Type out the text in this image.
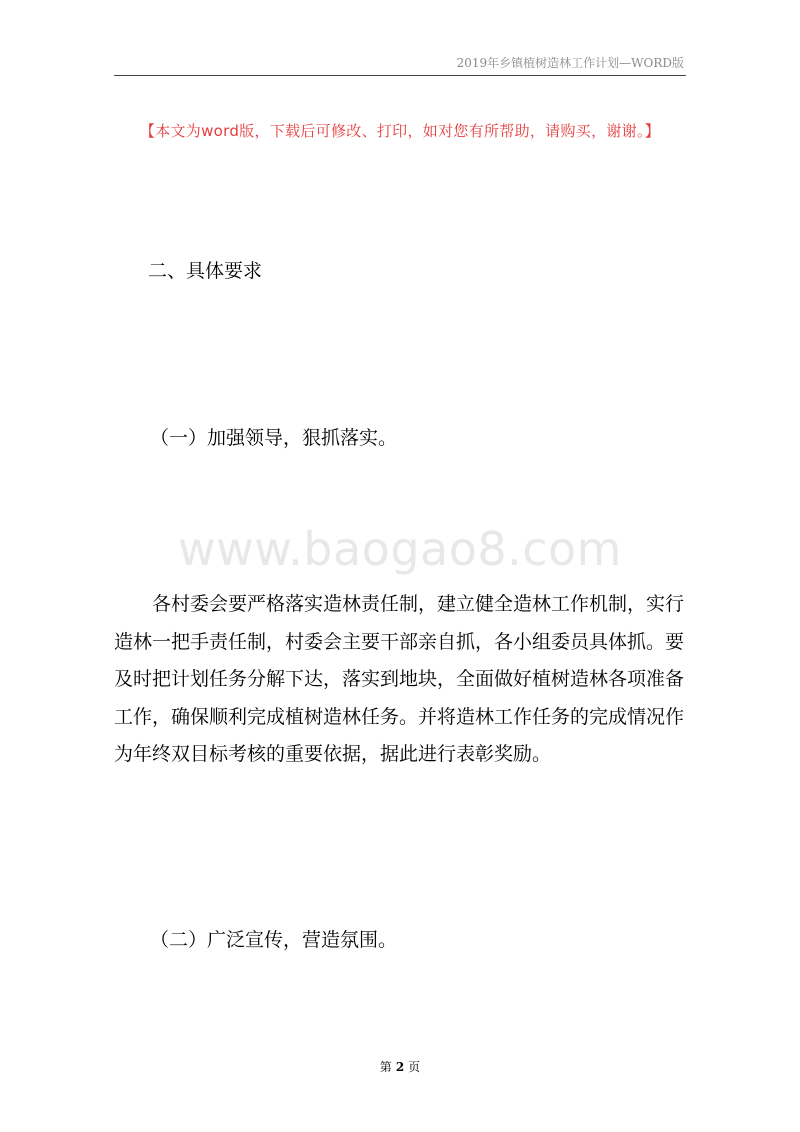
2019年乡镇植树造林工作计划—WORD版
【本文为word版，下载后可修改、打印，如对您有所帮助，请购买，谢谢。】
二、具体要求
（一）加强领导，狠抓落实。
www.baogao8.com
　　各村委会要严格落实造林责任制，建立健全造林工作机制，实行
造林一把手责任制，村委会主要干部亲自抓，各小组委员具体抓。要
及时把计划任务分解下达，落实到地块，全面做好植树造林各项准备
工作，确保顺利完成植树造林任务。并将造林工作任务的完成情况作
为年终双目标考核的重要依据，据此进行表彰奖励。
（二）广泛宣传，营造氛围。
第 2 页
